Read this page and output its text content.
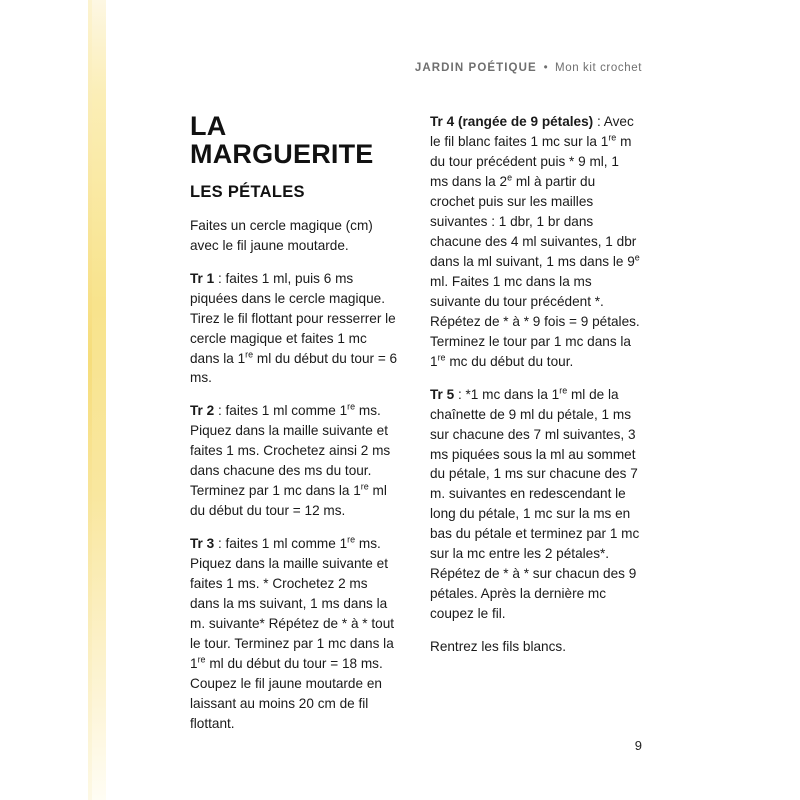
JARDIN POÉTIQUE • Mon kit crochet
LA MARGUERITE
LES PÉTALES

Faites un cercle magique (cm) avec le fil jaune moutarde.

Tr 1 : faites 1 ml, puis 6 ms piquées dans le cercle magique. Tirez le fil flottant pour resserrer le cercle magique et faites 1 mc dans la 1re ml du début du tour = 6 ms.

Tr 2 : faites 1 ml comme 1re ms. Piquez dans la maille suivante et faites 1 ms. Crochetez ainsi 2 ms dans chacune des ms du tour. Terminez par 1 mc dans la 1re ml du début du tour = 12 ms.

Tr 3 : faites 1 ml comme 1re ms. Piquez dans la maille suivante et faites 1 ms. * Crochetez 2 ms dans la ms suivant, 1 ms dans la m. suivante* Répétez de * à * tout le tour. Terminez par 1 mc dans la 1re ml du début du tour = 18 ms. Coupez le fil jaune moutarde en laissant au moins 20 cm de fil flottant.

Tr 4 (rangée de 9 pétales) : Avec le fil blanc faites 1 mc sur la 1re m du tour précédent puis * 9 ml, 1 ms dans la 2e ml à partir du crochet puis sur les mailles suivantes : 1 dbr, 1 br dans chacune des 4 ml suivantes, 1 dbr dans la ml suivant, 1 ms dans le 9e ml. Faites 1 mc dans la ms suivante du tour précédent *. Répétez de * à * 9 fois = 9 pétales. Terminez le tour par 1 mc dans la 1re mc du début du tour.

Tr 5 : *1 mc dans la 1re ml de la chaînette de 9 ml du pétale, 1 ms sur chacune des 7 ml suivantes, 3 ms piquées sous la ml au sommet du pétale, 1 ms sur chacune des 7 m. suivantes en redescendant le long du pétale, 1 mc sur la ms en bas du pétale et terminez par 1 mc sur la mc entre les 2 pétales*. Répétez de * à * sur chacun des 9 pétales. Après la dernière mc coupez le fil.

Rentrez les fils blancs.

9
